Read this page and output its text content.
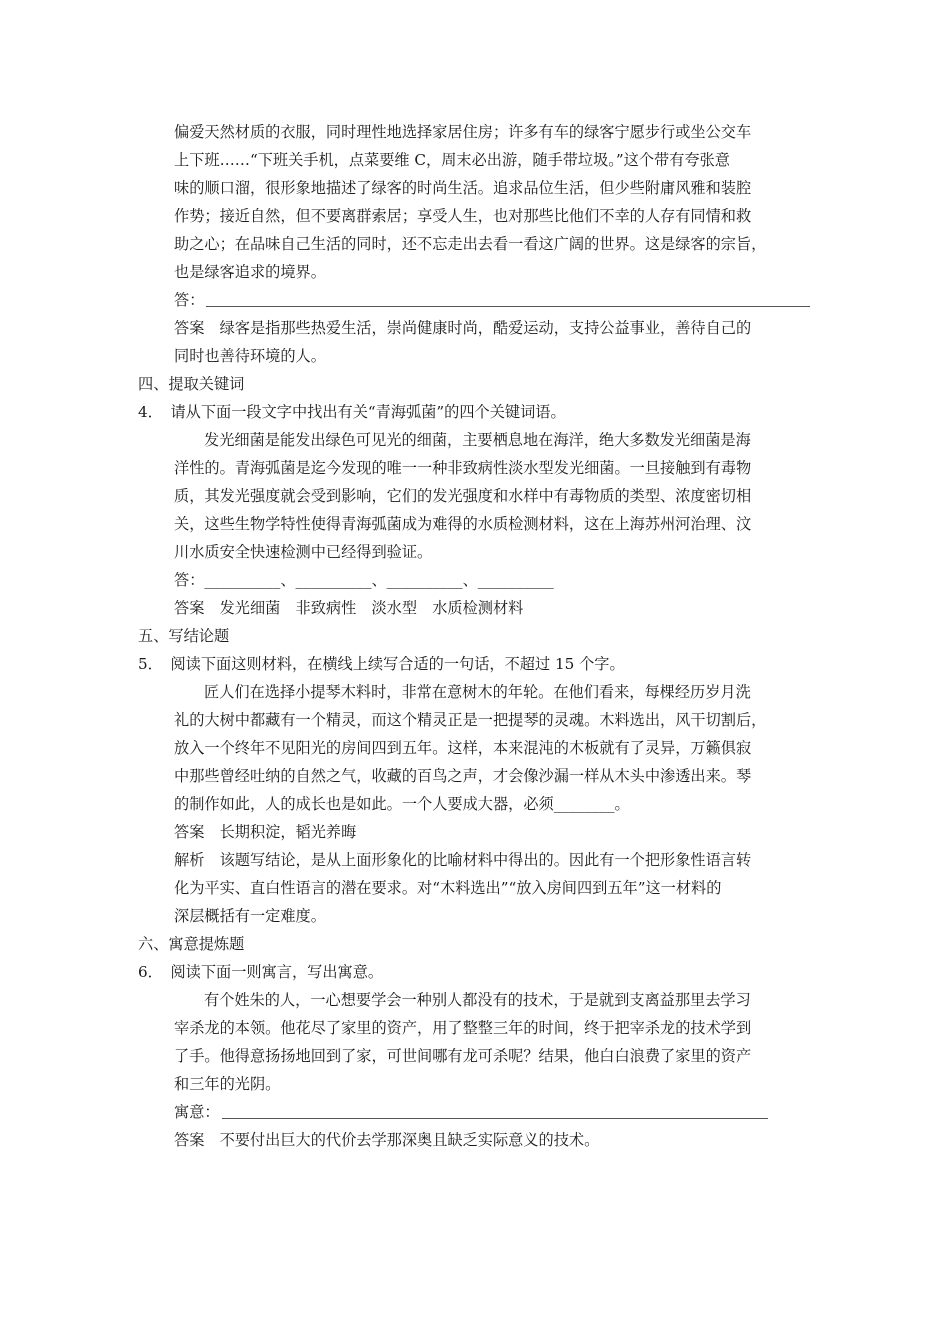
偏爱天然材质的衣服，同时理性地选择家居住房；许多有车的绿客宁愿步行或坐公交车
上下班……“下班关手机，点菜要维 C，周末必出游，随手带垃圾。”这个带有夸张意
味的顺口溜，很形象地描述了绿客的时尚生活。追求品位生活，但少些附庸风雅和装腔
作势；接近自然，但不要离群索居；享受人生，也对那些比他们不幸的人存有同情和救
助之心；在品味自己生活的同时，还不忘走出去看一看这广阔的世界。这是绿客的宗旨，
也是绿客追求的境界。
答：
答案　绿客是指那些热爱生活，崇尚健康时尚，酷爱运动，支持公益事业，善待自己的
同时也善待环境的人。
四、提取关键词
4．　请从下面一段文字中找出有关“青海弧菌”的四个关键词语。
发光细菌是能发出绿色可见光的细菌，主要栖息地在海洋，绝大多数发光细菌是海
洋性的。青海弧菌是迄今发现的唯一一种非致病性淡水型发光细菌。一旦接触到有毒物
质，其发光强度就会受到影响，它们的发光强度和水样中有毒物质的类型、浓度密切相
关，这些生物学特性使得青海弧菌成为难得的水质检测材料，这在上海苏州河治理、汶
川水质安全快速检测中已经得到验证。
答：__________、__________、__________、__________
答案　发光细菌　非致病性　淡水型　水质检测材料
五、写结论题
5．　阅读下面这则材料，在横线上续写合适的一句话，不超过 15 个字。
匠人们在选择小提琴木料时，非常在意树木的年轮。在他们看来，每棵经历岁月洗
礼的大树中都藏有一个精灵，而这个精灵正是一把提琴的灵魂。木料选出，风干切割后，
放入一个终年不见阳光的房间四到五年。这样，本来混沌的木板就有了灵异，万籁俱寂
中那些曾经吐纳的自然之气，收藏的百鸟之声，才会像沙漏一样从木头中渗透出来。琴
的制作如此，人的成长也是如此。一个人要成大器，必须________。
答案　长期积淀，韬光养晦
解析　该题写结论，是从上面形象化的比喻材料中得出的。因此有一个把形象性语言转
化为平实、直白性语言的潜在要求。对“木料选出”“放入房间四到五年”这一材料的
深层概括有一定难度。
六、寓意提炼题
6．　阅读下面一则寓言，写出寓意。
有个姓朱的人，一心想要学会一种别人都没有的技术，于是就到支离益那里去学习
宰杀龙的本领。他花尽了家里的资产，用了整整三年的时间，终于把宰杀龙的技术学到
了手。他得意扬扬地回到了家，可世间哪有龙可杀呢？结果，他白白浪费了家里的资产
和三年的光阴。
寓意：
答案　不要付出巨大的代价去学那深奥且缺乏实际意义的技术。
